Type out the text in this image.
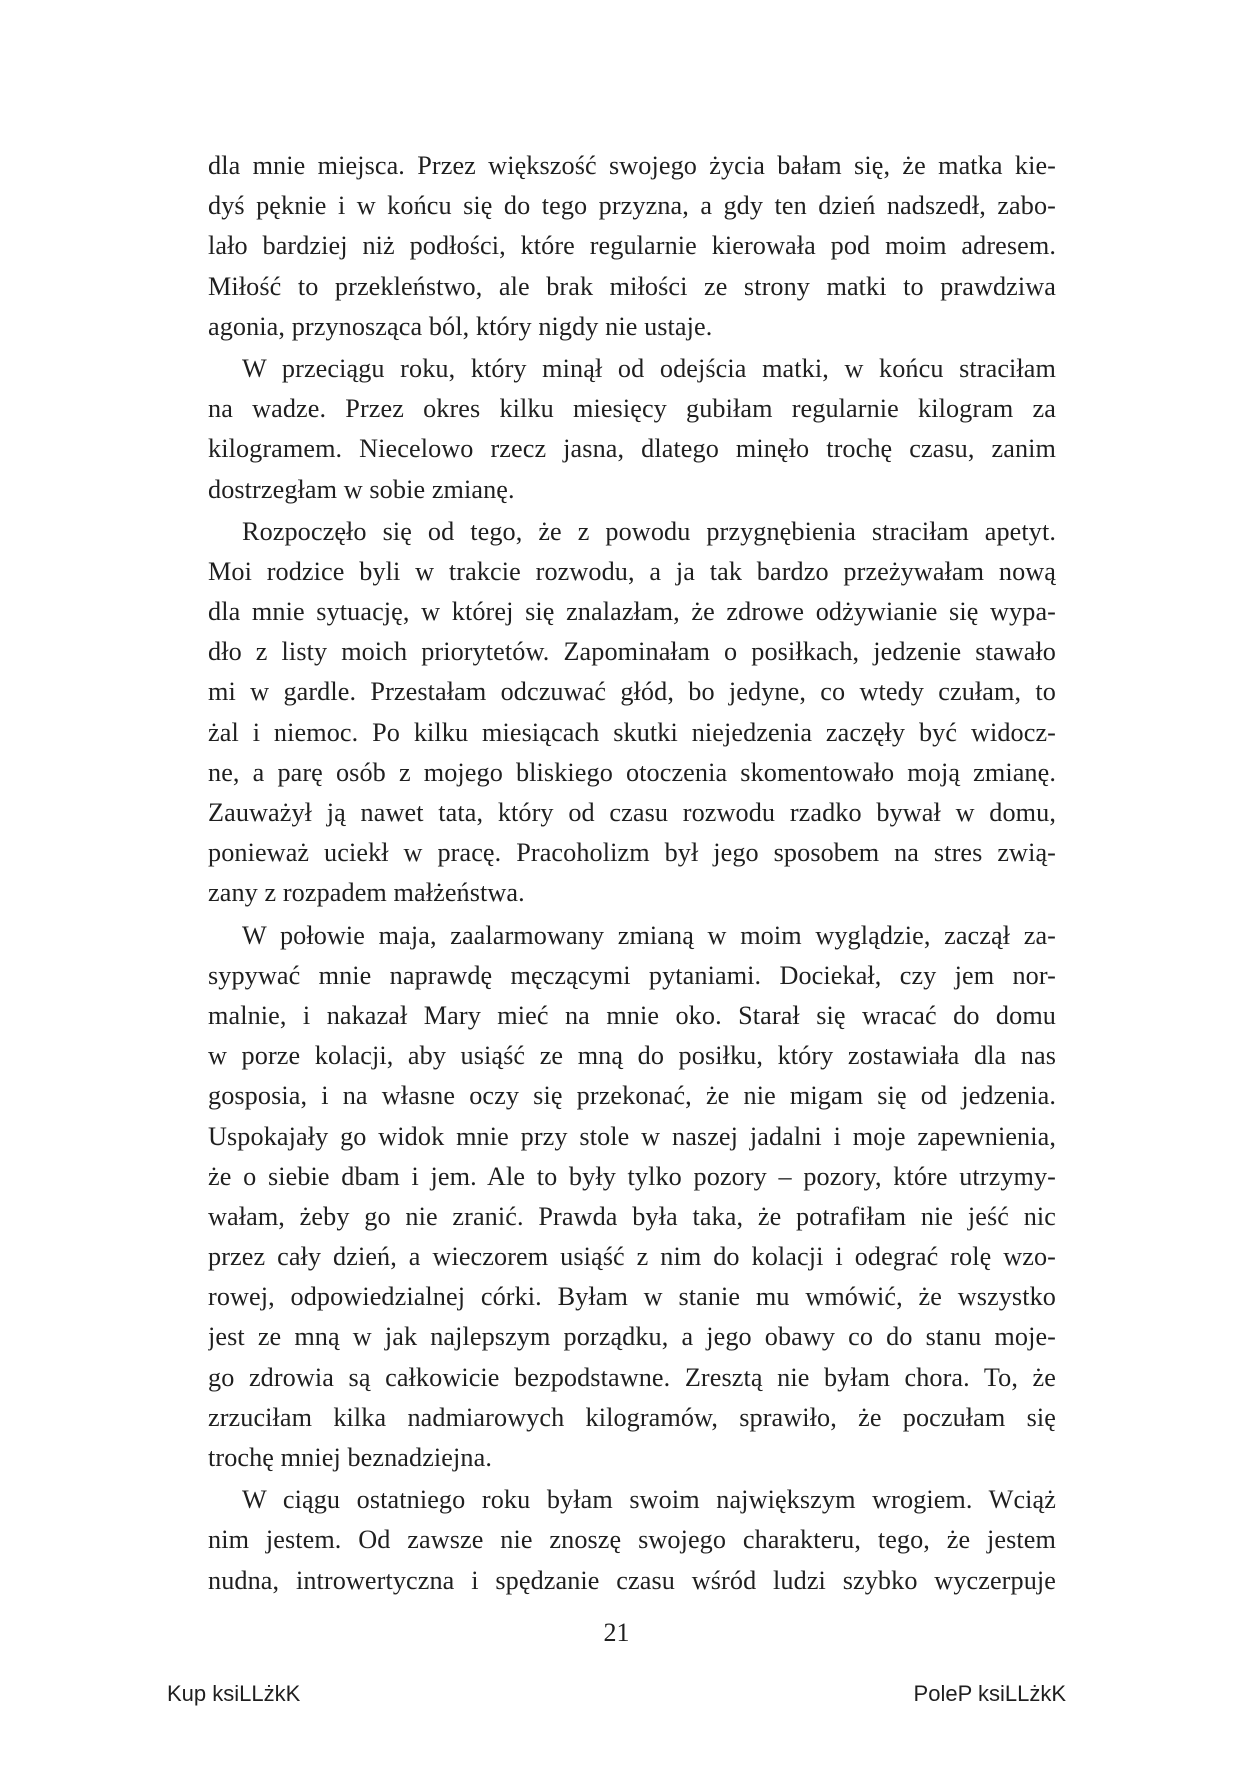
dla mnie miejsca. Przez większość swojego życia bałam się, że matka kie-
dyś pęknie i w końcu się do tego przyzna, a gdy ten dzień nadszedł, zabo-
lało bardziej niż podłości, które regularnie kierowała pod moim adresem.
Miłość to przekleństwo, ale brak miłości ze strony matki to prawdziwa
agonia, przynosząca ból, który nigdy nie ustaje.

W przeciągu roku, który minął od odejścia matki, w końcu straciłam
na wadze. Przez okres kilku miesięcy gubiłam regularnie kilogram za
kilogramem. Niecelowo rzecz jasna, dlatego minęło trochę czasu, zanim
dostrzegłam w sobie zmianę.

Rozpoczęło się od tego, że z powodu przygnębienia straciłam apetyt.
Moi rodzice byli w trakcie rozwodu, a ja tak bardzo przeżywałam nową
dla mnie sytuację, w której się znalazłam, że zdrowe odżywianie się wypa-
dło z listy moich priorytetów. Zapominałam o posiłkach, jedzenie stawało
mi w gardle. Przestałam odczuwać głód, bo jedyne, co wtedy czułam, to
żal i niemoc. Po kilku miesiącach skutki niejedzenia zaczęły być widocz-
ne, a parę osób z mojego bliskiego otoczenia skomentowało moją zmianę.
Zauważył ją nawet tata, który od czasu rozwodu rzadko bywał w domu,
ponieważ uciekł w pracę. Pracoholizm był jego sposobem na stres zwią-
zany z rozpadem małżeństwa.

W połowie maja, zaalarmowany zmianą w moim wyglądzie, zaczął za-
sypywać mnie naprawdę męczącymi pytaniami. Dociekał, czy jem nor-
malnie, i nakazał Mary mieć na mnie oko. Starał się wracać do domu
w porze kolacji, aby usiąść ze mną do posiłku, który zostawiała dla nas
gosposia, i na własne oczy się przekonać, że nie migam się od jedzenia.
Uspokajały go widok mnie przy stole w naszej jadalni i moje zapewnienia,
że o siebie dbam i jem. Ale to były tylko pozory – pozory, które utrzymy-
wałam, żeby go nie zranić. Prawda była taka, że potrafiłam nie jeść nic
przez cały dzień, a wieczorem usiąść z nim do kolacji i odegrać rolę wzo-
rowej, odpowiedzialnej córki. Byłam w stanie mu wmówić, że wszystko
jest ze mną w jak najlepszym porządku, a jego obawy co do stanu moje-
go zdrowia są całkowicie bezpodstawne. Zresztą nie byłam chora. To, że
zrzuciłam kilka nadmiarowych kilogramów, sprawiło, że poczułam się
trochę mniej beznadziejna.

W ciągu ostatniego roku byłam swoim największym wrogiem. Wciąż
nim jestem. Od zawsze nie znoszę swojego charakteru, tego, że jestem
nudna, introwertyczna i spędzanie czasu wśród ludzi szybko wyczerpuje

21
Kup ksiLLżkK	PoleP ksiLLżkK
